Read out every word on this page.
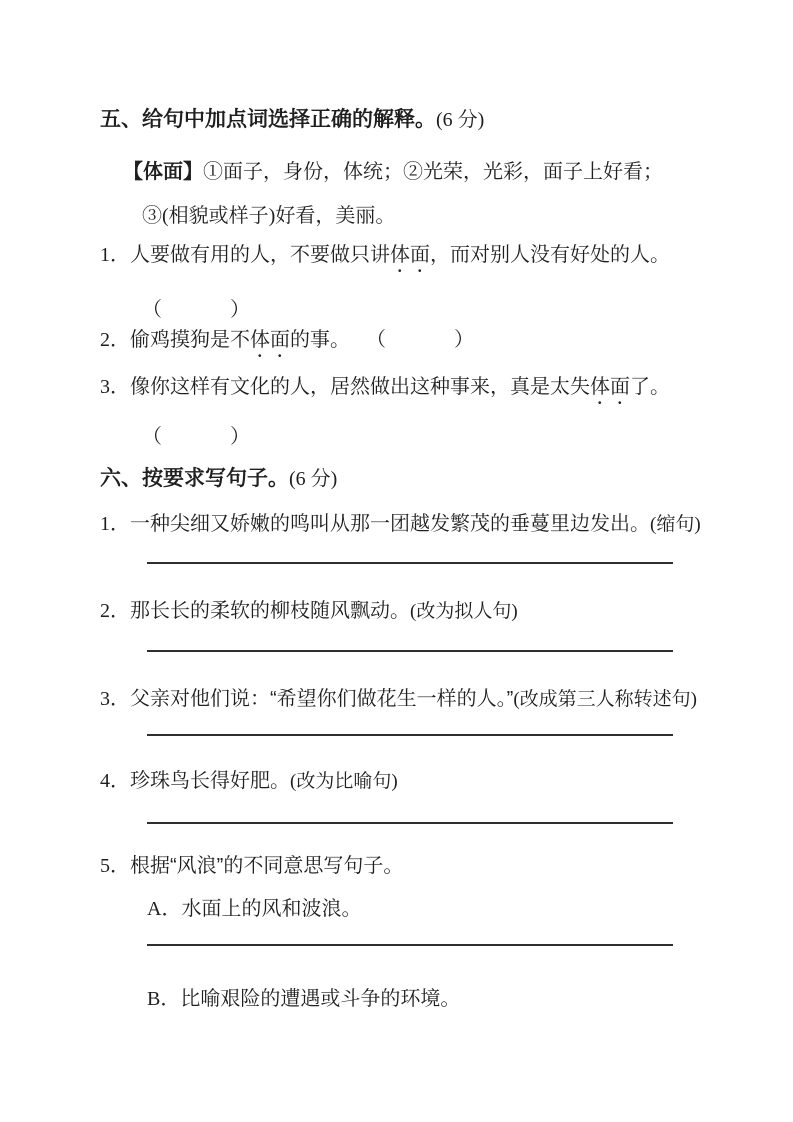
五、给句中加点词选择正确的解释。(6 分)
【体面】①面子，身份，体统；②光荣，光彩，面子上好看；③(相貌或样子)好看，美丽。
1．人要做有用的人，不要做只讲体面，而对别人没有好处的人。
（　　　）
2．偷鸡摸狗是不体面的事。 （　　　）
3．像你这样有文化的人，居然做出这种事来，真是太失体面了。
（　　　）
六、按要求写句子。(6 分)
1．一种尖细又娇嫩的鸣叫从那一团越发繁茂的垂蔓里边发出。(缩句)
2．那长长的柔软的柳枝随风飘动。(改为拟人句)
3．父亲对他们说：“希望你们做花生一样的人。”(改成第三人称转述句)
4．珍珠鸟长得好肥。(改为比喻句)
5．根据“风浪”的不同意思写句子。
A．水面上的风和波浪。
B．比喻艰险的遭遇或斗争的环境。
